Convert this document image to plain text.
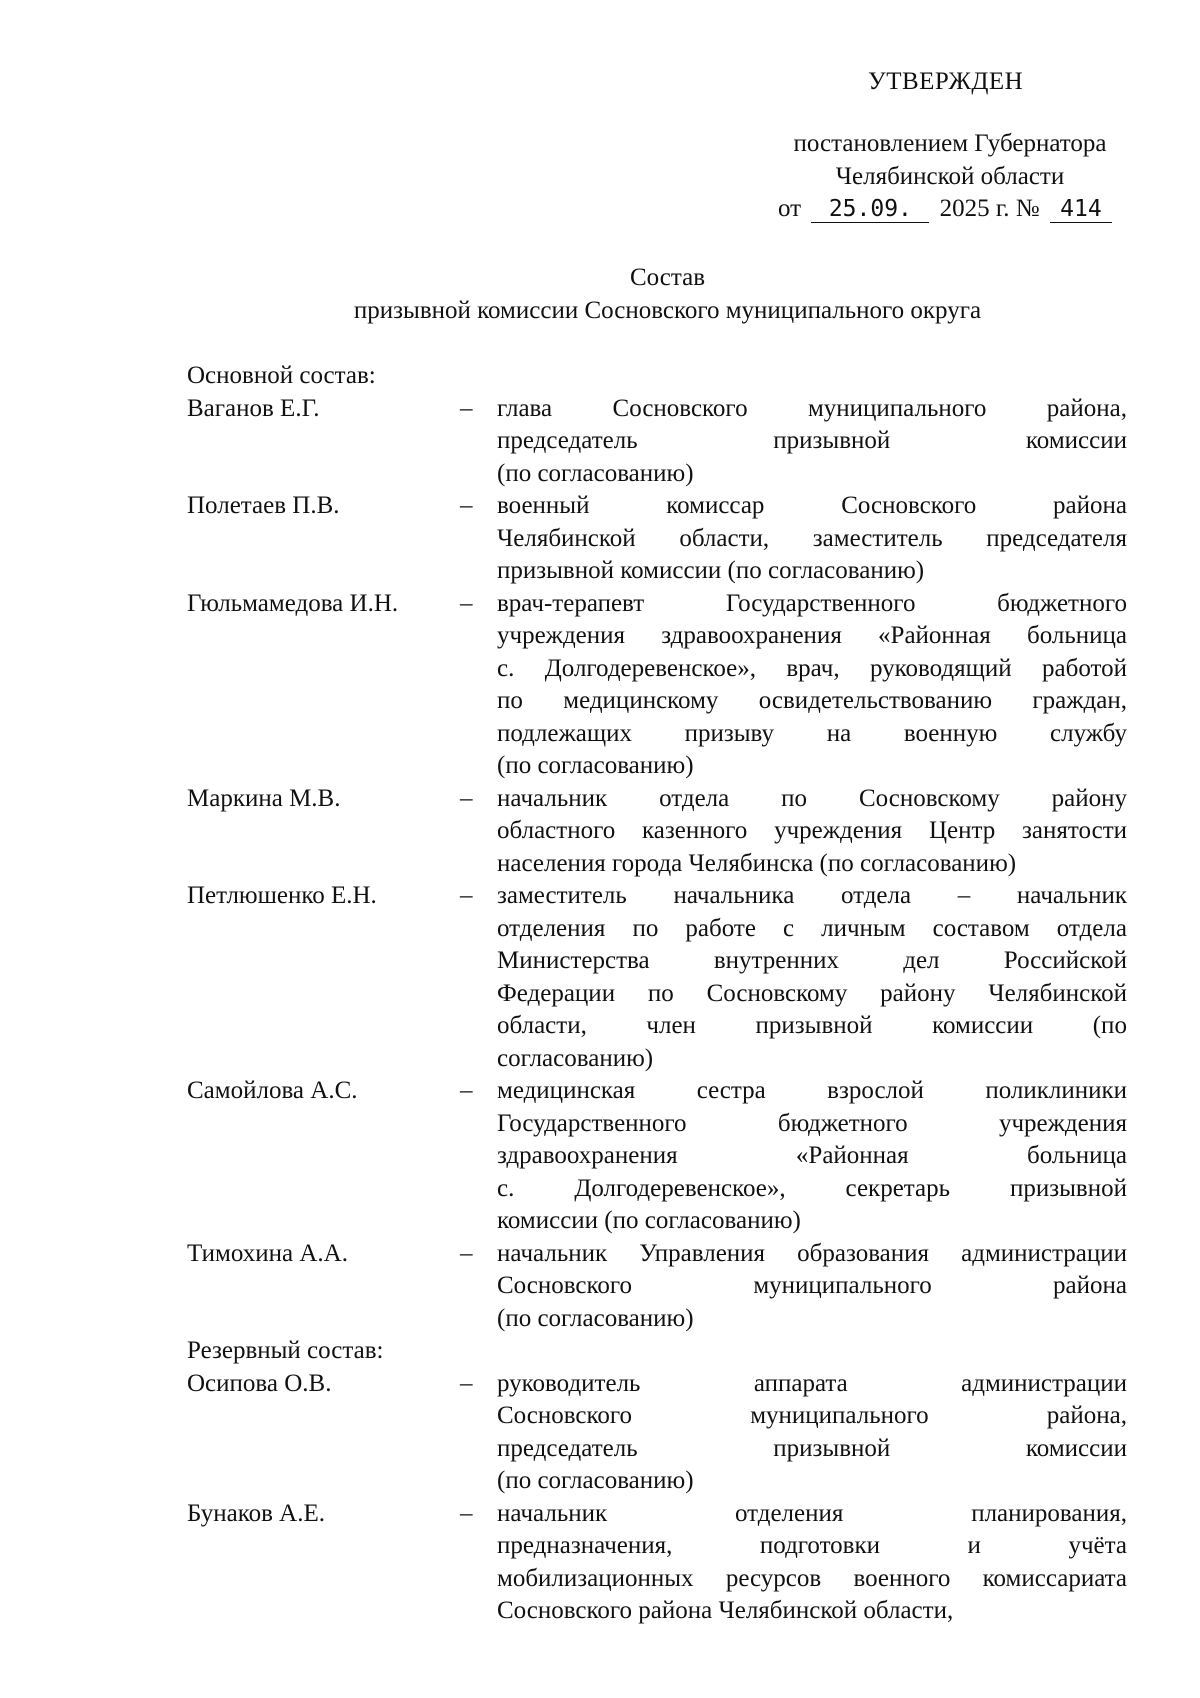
УТВЕРЖДЕН
постановлением Губернатора
Челябинской области
от 25.09. 2025 г. № 414
Состав
призывной комиссии Сосновского муниципального округа
Основной состав:
Ваганов Е.Г.	– глава Сосновского муниципального района,
председатель	призывной	комиссии
(по согласованию)
Полетаев П.В.	– военный	комиссар	Сосновского	района
Челябинской области, заместитель председателя
призывной комиссии (по согласованию)
Гюльмамедова И.Н.	– врач-терапевт	Государственного	бюджетного
учреждения здравоохранения «Районная больница
с. Долгодеревенское», врач, руководящий работой
по медицинскому освидетельствованию граждан,
подлежащих призыву на военную службу
(по согласованию)
Маркина М.В.	– начальник отдела по Сосновскому району
областного казенного учреждения Центр занятости
населения города Челябинска (по согласованию)
Петлюшенко Е.Н.	– заместитель начальника отдела – начальник
отделения по работе с личным составом отдела
Министерства	внутренних	дел	Российской
Федерации по Сосновскому району Челябинской
области, член призывной комиссии (по
согласованию)
Самойлова А.С.	– медицинская сестра взрослой поликлиники
Государственного	бюджетного	учреждения
здравоохранения	«Районная	больница
с. Долгодеревенское», секретарь призывной
комиссии (по согласованию)
Тимохина А.А.	– начальник Управления образования администрации
Сосновского	муниципального	района
(по согласованию)
Резервный состав:
Осипова О.В.	– руководитель	аппарата	администрации
Сосновского	муниципального	района,
председатель	призывной	комиссии
(по согласованию)
Бунаков А.Е.	– начальник	отделения	планирования,
предназначения,	подготовки	и	учёта
мобилизационных ресурсов военного комиссариата
Сосновского района Челябинской области,
